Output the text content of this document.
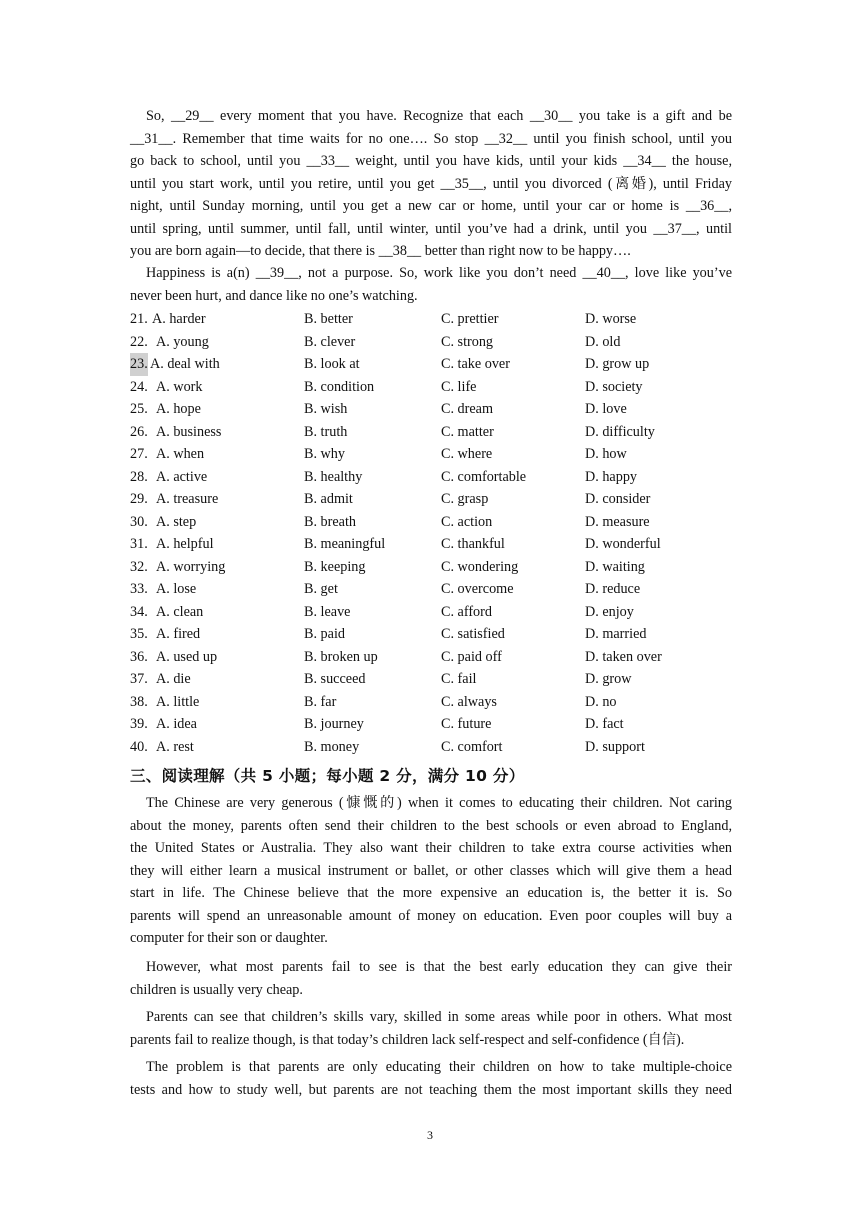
So, __29__ every moment that you have. Recognize that each __30__ you take is a gift and be
__31__. Remember that time waits for no one…. So stop __32__ until you finish school, until you
go back to school, until you __33__ weight, until you have kids, until your kids __34__ the house,
until you start work, until you retire, until you get __35__, until you divorced (离婚), until Friday
night, until Sunday morning, until you get a new car or home, until your car or home is __36__,
until spring, until summer, until fall, until winter, until you’ve had a drink, until you __37__, until
you are born again—to decide, that there is __38__ better than right now to be happy….
Happiness is a(n) __39__, not a purpose. So, work like you don’t need __40__, love like you’ve
never been hurt, and dance like no one’s watching.
21. A. harder	B. better	C. prettier	D. worse
22. A. young	B. clever	C. strong	D. old
23. A. deal with	B. look at	C. take over	D. grow up
24. A. work	B. condition	C. life	D. society
25. A. hope	B. wish	C. dream	D. love
26. A. business	B. truth	C. matter	D. difficulty
27. A. when	B. why	C. where	D. how
28. A. active	B. healthy	C. comfortable	D. happy
29. A. treasure	B. admit	C. grasp	D. consider
30. A. step	B. breath	C. action	D. measure
31. A. helpful	B. meaningful	C. thankful	D. wonderful
32. A. worrying	B. keeping	C. wondering	D. waiting
33. A. lose	B. get	C. overcome	D. reduce
34. A. clean	B. leave	C. afford	D. enjoy
35. A. fired	B. paid	C. satisfied	D. married
36. A. used up	B. broken up	C. paid off	D. taken over
37. A. die	B. succeed	C. fail	D. grow
38. A. little	B. far	C. always	D. no
39. A. idea	B. journey	C. future	D. fact
40. A. rest	B. money	C. comfort	D. support
三、阅读理解（共 5 小题；每小题 2 分，满分 10 分）
The Chinese are very generous (慷慨的) when it comes to educating their children. Not caring
about the money, parents often send their children to the best schools or even abroad to England,
the United States or Australia. They also want their children to take extra course activities when
they will either learn a musical instrument or ballet, or other classes which will give them a head
start in life. The Chinese believe that the more expensive an education is, the better it is. So
parents will spend an unreasonable amount of money on education. Even poor couples will buy a
computer for their son or daughter.
However, what most parents fail to see is that the best early education they can give their
children is usually very cheap.
Parents can see that children’s skills vary, skilled in some areas while poor in others. What most
parents fail to realize though, is that today’s children lack self-respect and self-confidence (自信).
The problem is that parents are only educating their children on how to take multiple-choice
tests and how to study well, but parents are not teaching them the most important skills they need
3
